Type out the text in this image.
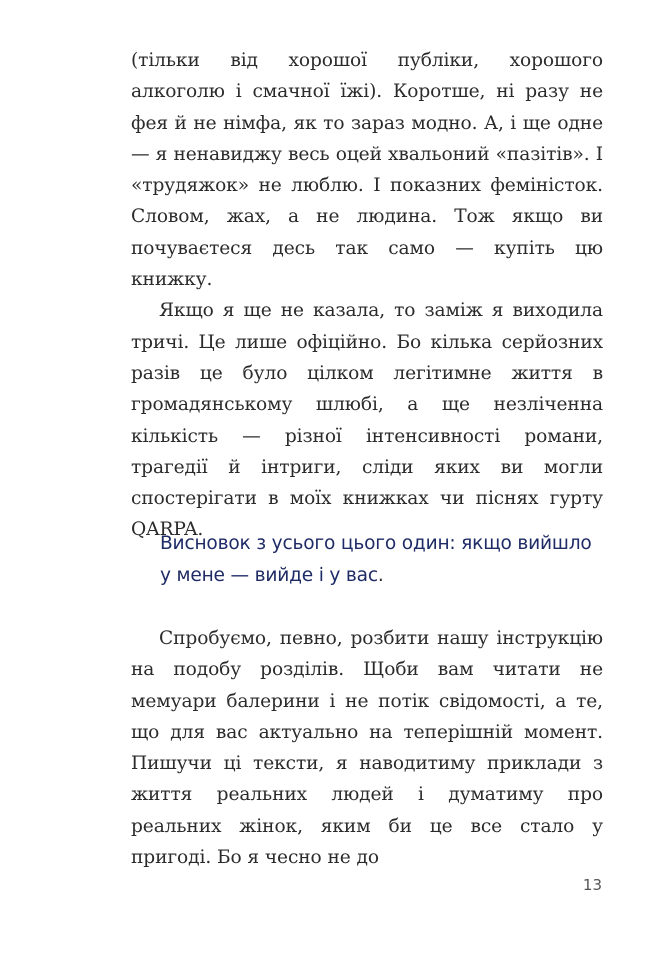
(тільки від хорошої публіки, хорошого алкоголю і смачної їжі). Коротше, ні разу не фея й не німфа, як то зараз модно. А, і ще одне — я ненавиджу весь оцей хвальоний «пазітів». І «трудяжок» не люблю. І показних феміністок. Словом, жах, а не людина. Тож якщо ви почуваєтеся десь так само — купіть цю книжку.

Якщо я ще не казала, то заміж я виходила тричі. Це лише офіційно. Бо кілька серйозних разів це було цілком легітимне життя в громадянському шлюбі, а ще незліченна кількість — різної інтенсивності романи, трагедії й інтриги, сліди яких ви могли спостерігати в моїх книжках чи піснях гурту QARPA.

Висновок з усього цього один: якщо вийшло у мене — вийде і у вас.

Спробуємо, певно, розбити нашу інструкцію на подобу розділів. Щоби вам читати не мемуари балерини і не потік свідомості, а те, що для вас актуально на теперішній момент. Пишучи ці тексти, я наводитиму приклади з життя реальних людей і думатиму про реальних жінок, яким би це все стало у пригоді. Бо я чесно не до

13
